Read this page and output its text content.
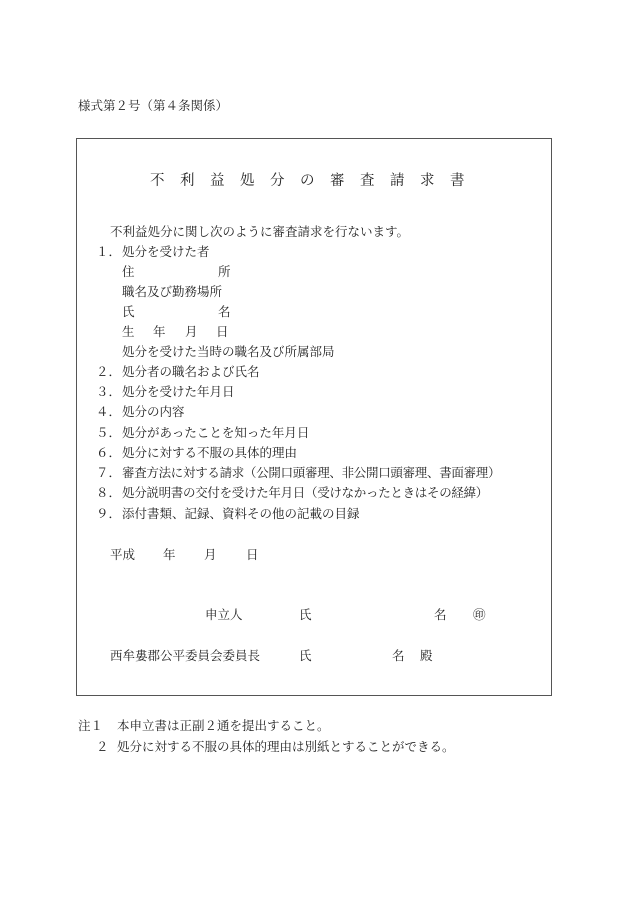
様式第２号（第４条関係）
不利益処分の審査請求書
不利益処分に関し次のように審査請求を行ないます。
１． 処分を受けた者
住	所
職名及び勤務場所
氏	名
生 年 月 日
処分を受けた当時の職名及び所属部局
２． 処分者の職名および氏名
３． 処分を受けた年月日
４． 処分の内容
５． 処分があったことを知った年月日
６． 処分に対する不服の具体的理由
７． 審査方法に対する請求（公開口頭審理、非公開口頭審理、書面審理）
８． 処分説明書の交付を受けた年月日（受けなかったときはその経緯）
９． 添付書類、記録、資料その他の記載の目録
平成 年 月 日
申立人	氏	名 ㊞
西牟婁郡公平委員会委員長	氏	名 殿
注１ 本申立書は正副２通を提出すること。
２ 処分に対する不服の具体的理由は別紙とすることができる。
